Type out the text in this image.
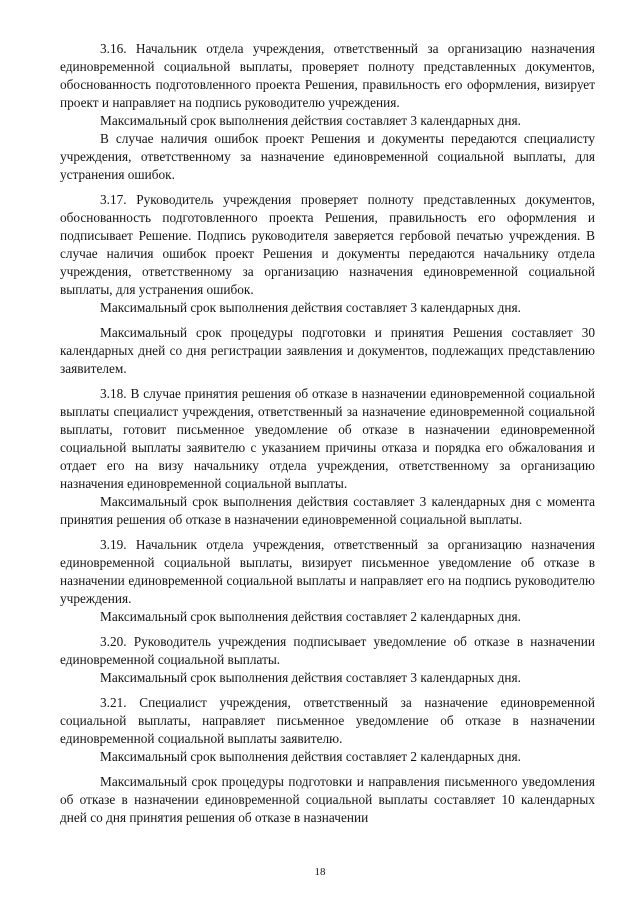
3.16. Начальник отдела учреждения, ответственный за организацию назначения единовременной социальной выплаты, проверяет полноту представленных документов, обоснованность подготовленного проекта Решения, правильность его оформления, визирует проект и направляет на подпись руководителю учреждения.

Максимальный срок выполнения действия составляет 3 календарных дня.

В случае наличия ошибок проект Решения и документы передаются специалисту учреждения, ответственному за назначение единовременной социальной выплаты, для устранения ошибок.

3.17. Руководитель учреждения проверяет полноту представленных документов, обоснованность подготовленного проекта Решения, правильность его оформления и подписывает Решение. Подпись руководителя заверяется гербовой печатью учреждения. В случае наличия ошибок проект Решения и документы передаются начальнику отдела учреждения, ответственному за организацию назначения единовременной социальной выплаты, для устранения ошибок.

Максимальный срок выполнения действия составляет 3 календарных дня.

Максимальный срок процедуры подготовки и принятия Решения составляет 30 календарных дней со дня регистрации заявления и документов, подлежащих представлению заявителем.

3.18. В случае принятия решения об отказе в назначении единовременной социальной выплаты специалист учреждения, ответственный за назначение единовременной социальной выплаты, готовит письменное уведомление об отказе в назначении единовременной социальной выплаты заявителю с указанием причины отказа и порядка его обжалования и отдает его на визу начальнику отдела учреждения, ответственному за организацию назначения единовременной социальной выплаты.

Максимальный срок выполнения действия составляет 3 календарных дня с момента принятия решения об отказе в назначении единовременной социальной выплаты.

3.19. Начальник отдела учреждения, ответственный за организацию назначения единовременной социальной выплаты, визирует письменное уведомление об отказе в назначении единовременной социальной выплаты и направляет его на подпись руководителю учреждения.

Максимальный срок выполнения действия составляет 2 календарных дня.

3.20. Руководитель учреждения подписывает уведомление об отказе в назначении единовременной социальной выплаты.

Максимальный срок выполнения действия составляет 3 календарных дня.

3.21. Специалист учреждения, ответственный за назначение единовременной социальной выплаты, направляет письменное уведомление об отказе в назначении единовременной социальной выплаты заявителю.

Максимальный срок выполнения действия составляет 2 календарных дня.

Максимальный срок процедуры подготовки и направления письменного уведомления об отказе в назначении единовременной социальной выплаты составляет 10 календарных дней со дня принятия решения об отказе в назначении

18
